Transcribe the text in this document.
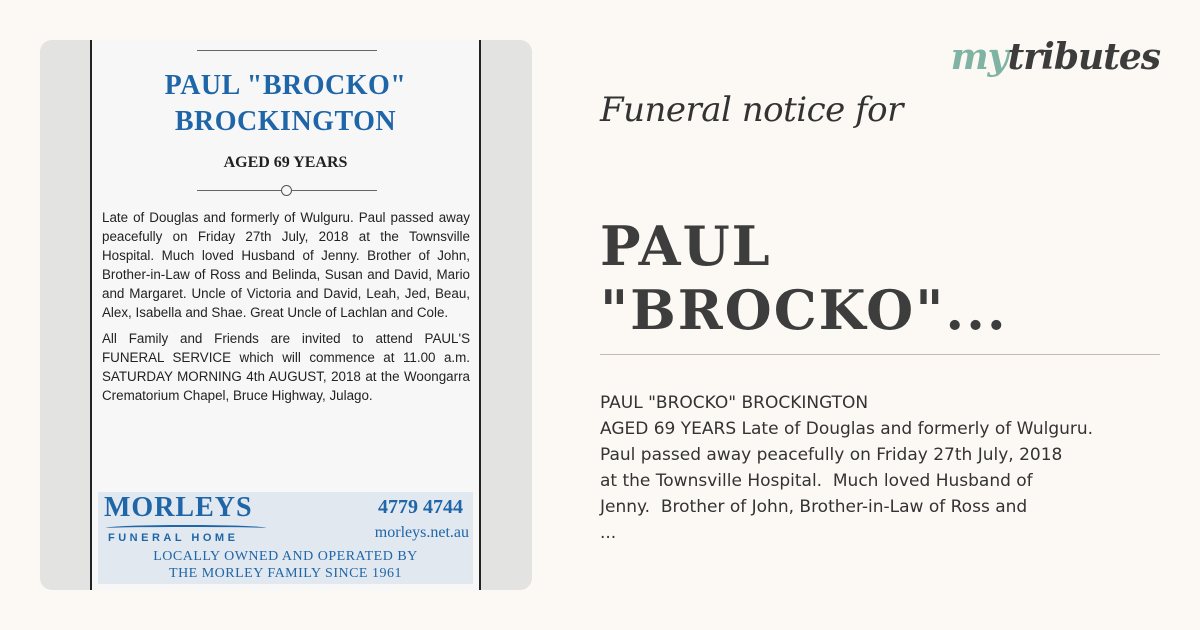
PAUL "BROCKO"
BROCKINGTON
AGED 69 YEARS

Late of Douglas and formerly of Wulguru. Paul passed away peacefully on Friday 27th July, 2018 at the Townsville Hospital. Much loved Husband of Jenny. Brother of John, Brother-in-Law of Ross and Belinda, Susan and David, Mario and Margaret. Uncle of Victoria and David, Leah, Jed, Beau, Alex, Isabella and Shae. Great Uncle of Lachlan and Cole.

All Family and Friends are invited to attend PAUL'S FUNERAL SERVICE which will commence at 11.00 a.m. SATURDAY MORNING 4th AUGUST, 2018 at the Woongarra Crematorium Chapel, Bruce Highway, Julago.

MORLEYS
FUNERAL HOME
4779 4744
morleys.net.au
LOCALLY OWNED AND OPERATED BY
THE MORLEY FAMILY SINCE 1961
mytributes
Funeral notice for
PAUL "BROCKO"...
PAUL "BROCKO" BROCKINGTON
AGED 69 YEARS Late of Douglas and formerly of Wulguru.
Paul passed away peacefully on Friday 27th July, 2018
at the Townsville Hospital.  Much loved Husband of
Jenny.  Brother of John, Brother-in-Law of Ross and
...
